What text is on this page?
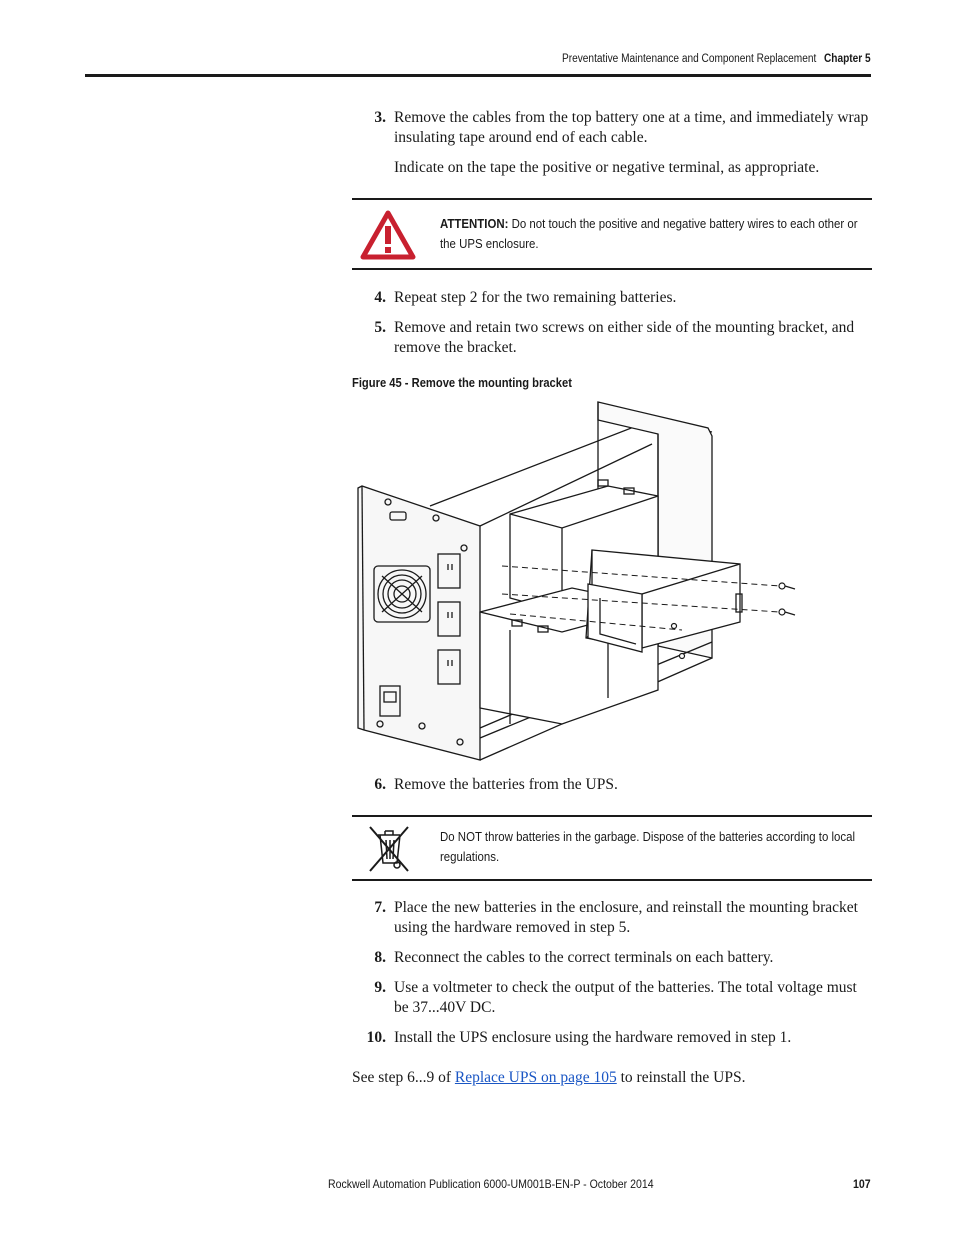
Preventative Maintenance and Component Replacement Chapter 5
3. Remove the cables from the top battery one at a time, and immediately wrap insulating tape around end of each cable.
Indicate on the tape the positive or negative terminal, as appropriate.
ATTENTION: Do not touch the positive and negative battery wires to each other or the UPS enclosure.
4. Repeat step 2 for the two remaining batteries.
5. Remove and retain two screws on either side of the mounting bracket, and remove the bracket.
Figure 45 - Remove the mounting bracket
6. Remove the batteries from the UPS.
Do NOT throw batteries in the garbage. Dispose of the batteries according to local regulations.
7. Place the new batteries in the enclosure, and reinstall the mounting bracket using the hardware removed in step 5.
8. Reconnect the cables to the correct terminals on each battery.
9. Use a voltmeter to check the output of the batteries. The total voltage must be 37...40V DC.
10. Install the UPS enclosure using the hardware removed in step 1.
See step 6...9 of Replace UPS on page 105 to reinstall the UPS.
Rockwell Automation Publication 6000-UM001B-EN-P - October 2014	107
